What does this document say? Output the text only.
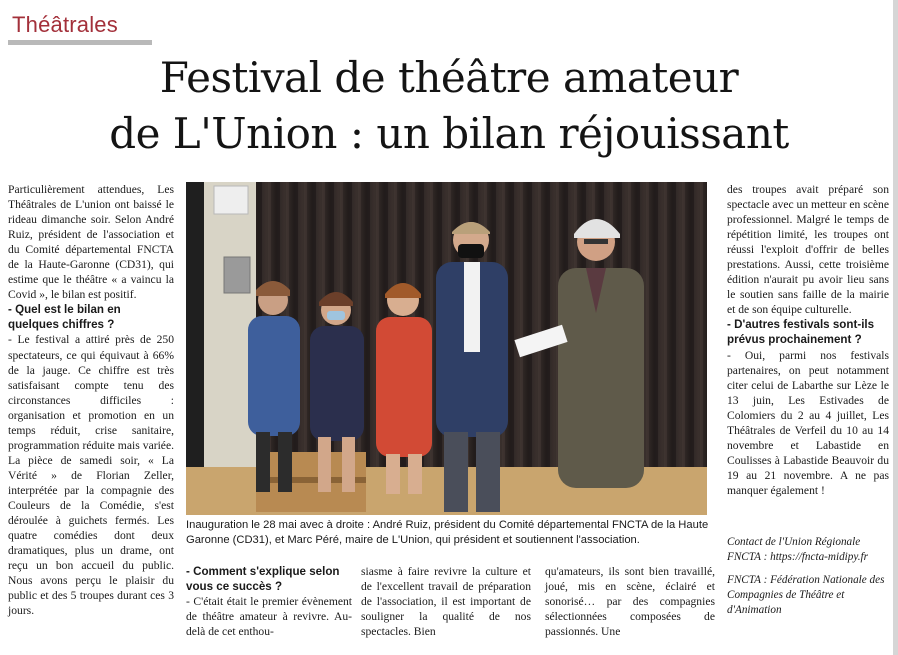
Théâtrales
Festival de théâtre amateur
de L'Union : un bilan réjouissant

Particulièrement attendues, Les Théâtrales de L'union ont baissé le rideau dimanche soir. Selon André Ruiz, président de l'association et du Comité départemental FNCTA de la Haute-Garonne (CD31), qui estime que le théâtre « a vaincu la Covid », le bilan est positif.

- Quel est le bilan en quelques chiffres ?

- Le festival a attiré près de 250 spectateurs, ce qui équivaut à 66% de la jauge. Ce chiffre est très satisfaisant compte tenu des circonstances difficiles : organisation et promotion en un temps réduit, crise sanitaire, programmation réduite mais variée. La pièce de samedi soir, « La Vérité » de Florian Zeller, interprétée par la compagnie des Couleurs de la Comédie, s'est déroulée à guichets fermés. Les quatre comédies dont deux dramatiques, plus un drame, ont reçu un bon accueil du public. Nous avons perçu le plaisir du public et des 5 troupes durant ces 3 jours.

Inauguration le 28 mai avec à droite : André Ruiz, président du Comité départemental FNCTA de la Haute Garonne (CD31), et Marc Péré, maire de L'Union, qui président et soutiennent l'association.

- Comment s'explique selon vous ce succès ?

- C'était était le premier évènement de théâtre amateur à revivre. Au-delà de cet enthou-

siasme à faire revivre la culture et de l'excellent travail de préparation de l'association, il est important de souligner la qualité de nos spectacles. Bien

qu'amateurs, ils sont bien travaillé, joué, mis en scène, éclairé et sonorisé… par des compagnies sélectionnées composées de passionnés. Une

des troupes avait préparé son spectacle avec un metteur en scène professionnel. Malgré le temps de répétition limité, les troupes ont réussi l'exploit d'offrir de belles prestations. Aussi, cette troisième édition n'aurait pu avoir lieu sans le soutien sans faille de la mairie et de son équipe culturelle.

- D'autres festivals sont-ils prévus prochainement ?

- Oui, parmi nos festivals partenaires, on peut notamment citer celui de Labarthe sur Lèze le 13 juin, Les Estivades de Colomiers du 2 au 4 juillet, Les Théâtrales de Verfeil du 10 au 14 novembre et Labastide en Coulisses à Labastide Beauvoir du 19 au 21 novembre. A ne pas manquer également !

Contact de l'Union Régionale FNCTA : https://fncta-midipy.fr

FNCTA : Fédération Nationale des Compagnies de Théâtre et d'Animation
